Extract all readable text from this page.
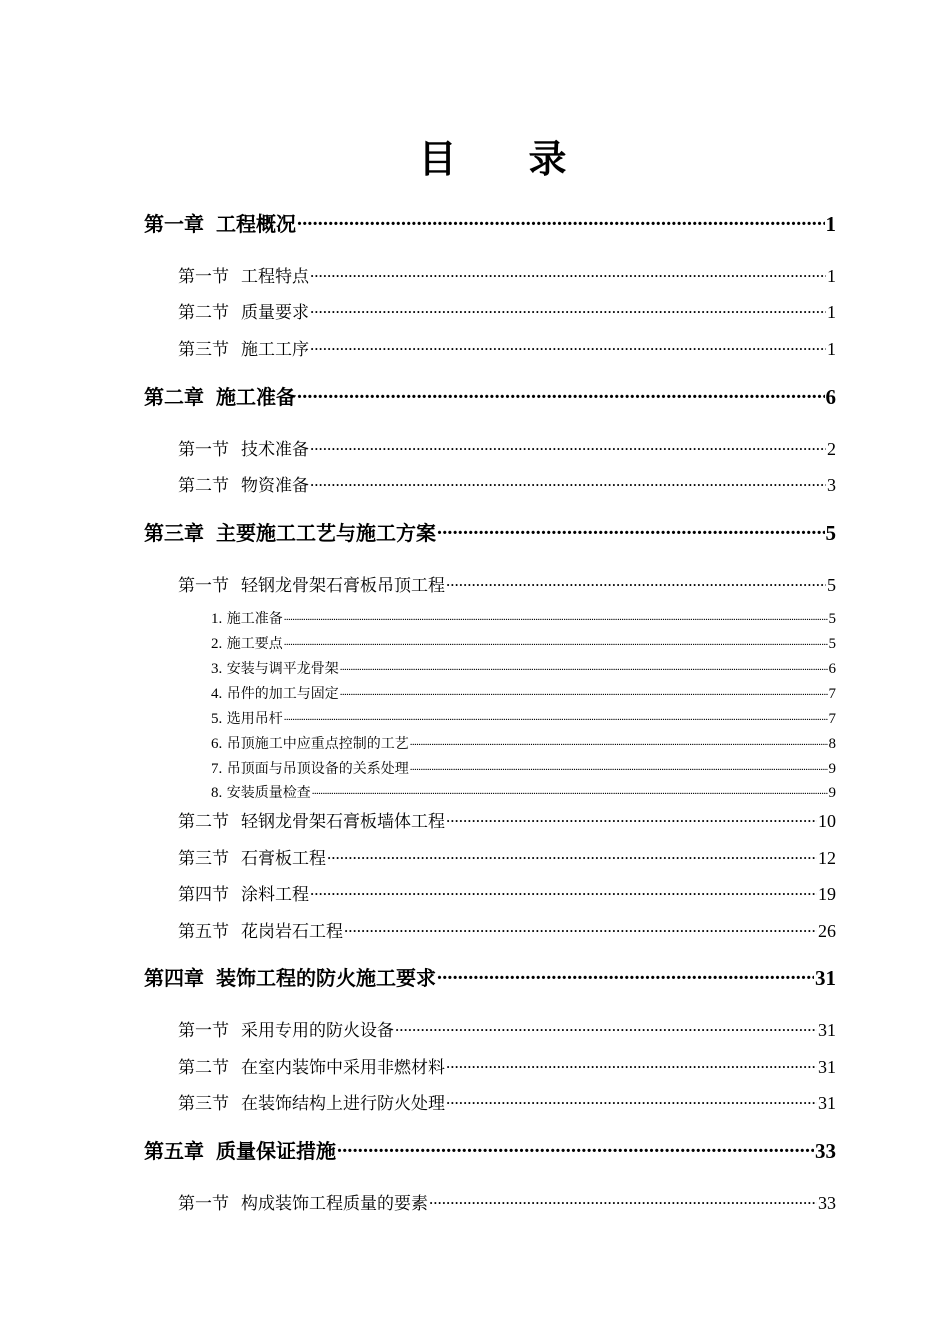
目 录
第一章 工程概况 .....	1
第一节 工程特点 .....	1
第二节 质量要求 .....	1
第三节 施工工序 .....	1
第二章 施工准备 .....	6
第一节 技术准备 .....	2
第二节 物资准备 .....	3
第三章 主要施工工艺与施工方案 .....	5
第一节 轻钢龙骨架石膏板吊顶工程 .....	5
1. 施工准备 .....	5
2. 施工要点 .....	5
3. 安装与调平龙骨架 .....	6
4. 吊件的加工与固定 .....	7
5. 选用吊杆 .....	7
6. 吊顶施工中应重点控制的工艺 .....	8
7. 吊顶面与吊顶设备的关系处理 .....	9
8. 安装质量检查 .....	9
第二节 轻钢龙骨架石膏板墙体工程 .....	10
第三节 石膏板工程 .....	12
第四节 涂料工程 .....	19
第五节 花岗岩石工程 .....	26
第四章 装饰工程的防火施工要求 .....	31
第一节 采用专用的防火设备 .....	31
第二节 在室内装饰中采用非燃材料 .....	31
第三节 在装饰结构上进行防火处理 .....	31
第五章 质量保证措施 .....	33
第一节 构成装饰工程质量的要素 .....	33
